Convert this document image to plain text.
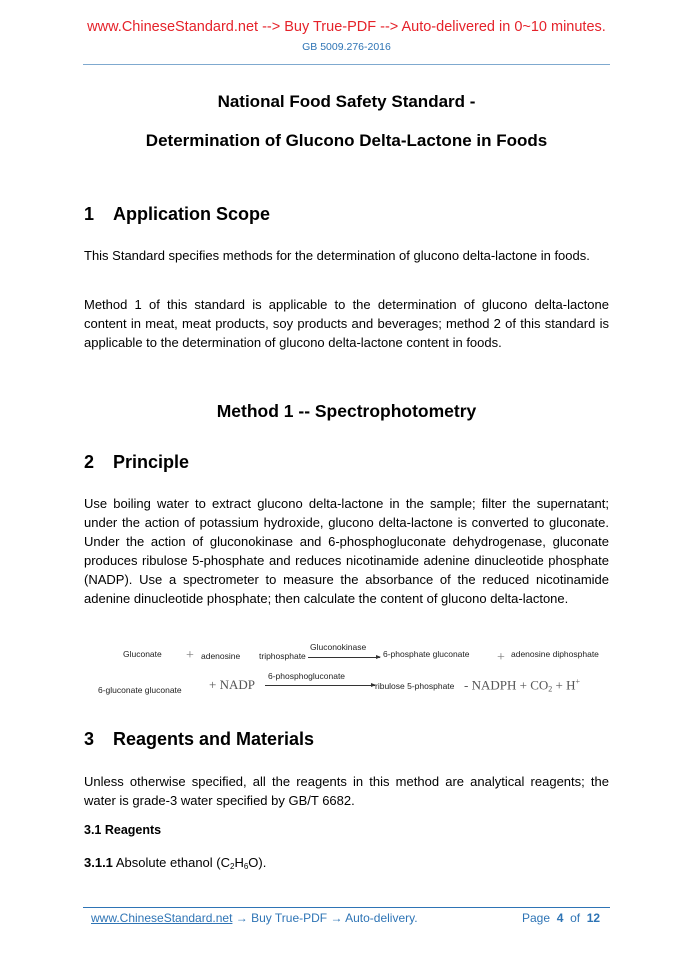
www.ChineseStandard.net --> Buy True-PDF --> Auto-delivered in 0~10 minutes.
GB 5009.276-2016
National Food Safety Standard -
Determination of Glucono Delta-Lactone in Foods
1 Application Scope
This Standard specifies methods for the determination of glucono delta-lactone in foods.
Method 1 of this standard is applicable to the determination of glucono delta-lactone content in meat, meat products, soy products and beverages; method 2 of this standard is applicable to the determination of glucono delta-lactone content in foods.
Method 1 -- Spectrophotometry
2 Principle
Use boiling water to extract glucono delta-lactone in the sample; filter the supernatant; under the action of potassium hydroxide, glucono delta-lactone is converted to gluconate. Under the action of gluconokinase and 6-phosphogluconate dehydrogenase, gluconate produces ribulose 5-phosphate and reduces nicotinamide adenine dinucleotide phosphate (NADP). Use a spectrometer to measure the absorbance of the reduced nicotinamide adenine dinucleotide phosphate; then calculate the content of glucono delta-lactone.
Gluconate + adenosine triphosphate
Gluconokinase
6-phosphate gluconate + adenosine diphosphate
6-gluconate gluconate + NADP
6-phosphogluconate
ribulose 5-phosphate - NADPH + $CO_2 + H^+$
3 Reagents and Materials
Unless otherwise specified, all the reagents in this method are analytical reagents; the water is grade-3 water specified by GB/T 6682.
3.1 Reagents
3.1.1 Absolute ethanol $(C_2H_6O)$.
www.ChineseStandard.net → Buy True-PDF → Auto-delivery.	Page 4 of 12
